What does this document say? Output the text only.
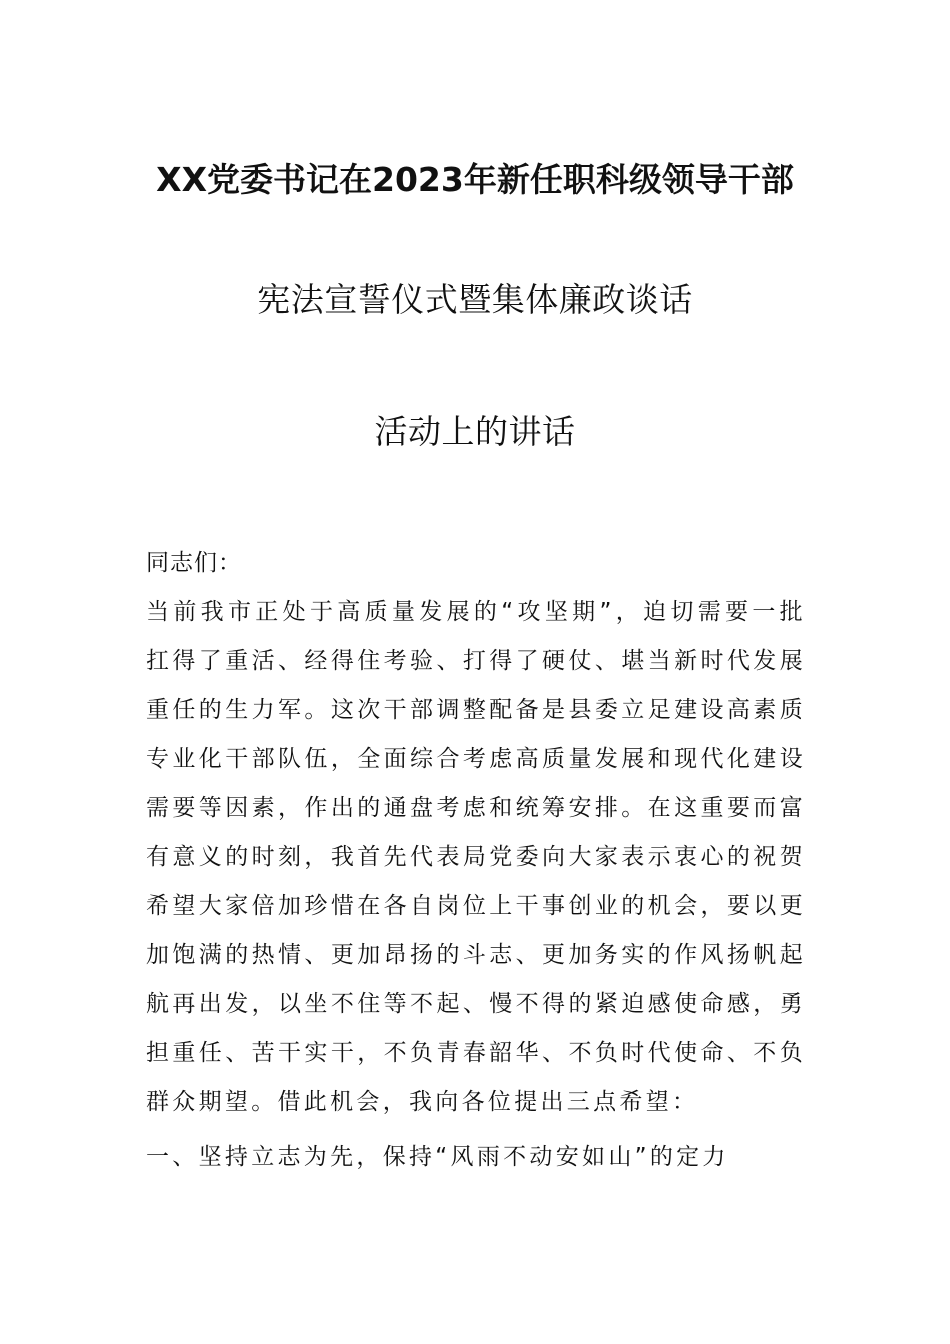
XX党委书记在2023年新任职科级领导干部
宪法宣誓仪式暨集体廉政谈话
活动上的讲话
同志们：
当前我市正处于高质量发展的“攻坚期”，迫切需要一批扛得了重活、经得住考验、打得了硬仗、堪当新时代发展重任的生力军。这次干部调整配备是县委立足建设高素质专业化干部队伍，全面综合考虑高质量发展和现代化建设需要等因素，作出的通盘考虑和统筹安排。在这重要而富有意义的时刻，我首先代表局党委向大家表示衷心的祝贺希望大家倍加珍惜在各自岗位上干事创业的机会，要以更加饱满的热情、更加昂扬的斗志、更加务实的作风扬帆起航再出发，以坐不住等不起、慢不得的紧迫感使命感，勇担重任、苦干实干，不负青春韶华、不负时代使命、不负群众期望。借此机会，我向各位提出三点希望：
一、坚持立志为先，保持“风雨不动安如山”的定力
